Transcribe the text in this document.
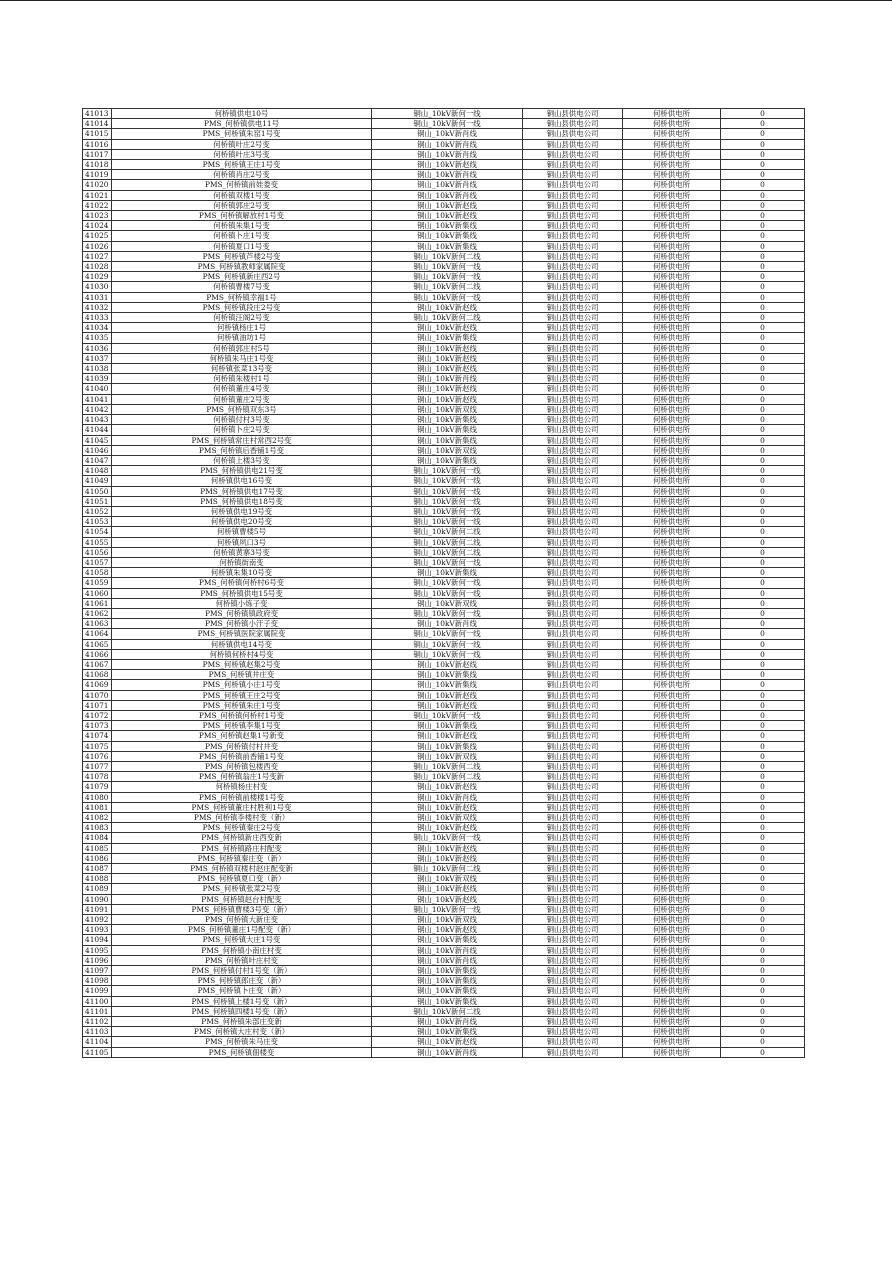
41013	何桥镇供电10号	铜山_10kV新何一线	铜山县供电公司	何桥供电所	0
41014	PMS_何桥镇供电11号	铜山_10kV新何一线	铜山县供电公司	何桥供电所	0
41015	PMS_何桥镇朱窑1号变	铜山_10kV新肖线	铜山县供电公司	何桥供电所	0
41016	何桥镇叶庄2号变	铜山_10kV新肖线	铜山县供电公司	何桥供电所	0
41017	何桥镇叶庄3号变	铜山_10kV新肖线	铜山县供电公司	何桥供电所	0
41018	PMS_何桥镇王庄1号变	铜山_10kV新赵线	铜山县供电公司	何桥供电所	0
41019	何桥镇肖庄2号变	铜山_10kV新肖线	铜山县供电公司	何桥供电所	0
41020	PMS_何桥镇前娃娄变	铜山_10kV新肖线	铜山县供电公司	何桥供电所	0
41021	何桥镇双楼1号变	铜山_10kV新肖线	铜山县供电公司	何桥供电所	0
41022	何桥镇郭庄2号变	铜山_10kV新赵线	铜山县供电公司	何桥供电所	0
41023	PMS_何桥镇解放村1号变	铜山_10kV新赵线	铜山县供电公司	何桥供电所	0
41024	何桥镇朱集1号变	铜山_10kV新集线	铜山县供电公司	何桥供电所	0
41025	何桥镇卜庄1号变	铜山_10kV新集线	铜山县供电公司	何桥供电所	0
41026	何桥镇夏口1号变	铜山_10kV新集线	铜山县供电公司	何桥供电所	0
41027	PMS_何桥镇芦楼2号变	铜山_10kV新何二线	铜山县供电公司	何桥供电所	0
41028	PMS_何桥镇教师家属院变	铜山_10kV新何一线	铜山县供电公司	何桥供电所	0
41029	PMS_何桥镇新庄西2号	铜山_10kV新何一线	铜山县供电公司	何桥供电所	0
41030	何桥镇曹楼7号变	铜山_10kV新何二线	铜山县供电公司	何桥供电所	0
41031	PMS_何桥镇幸福1号	铜山_10kV新何一线	铜山县供电公司	何桥供电所	0
41032	PMS_何桥镇段庄2号变	铜山_10kV新赵线	铜山县供电公司	何桥供电所	0
41033	何桥镇汪阁2号变	铜山_10kV新何二线	铜山县供电公司	何桥供电所	0
41034	何桥镇杨庄1号	铜山_10kV新赵线	铜山县供电公司	何桥供电所	0
41035	何桥镇油坊1号	铜山_10kV新集线	铜山县供电公司	何桥供电所	0
41036	何桥镇郭庄村5号	铜山_10kV新赵线	铜山县供电公司	何桥供电所	0
41037	何桥镇朱马庄1号变	铜山_10kV新赵线	铜山县供电公司	何桥供电所	0
41038	何桥镇张菜13号变	铜山_10kV新赵线	铜山县供电公司	何桥供电所	0
41039	何桥镇朱楼村1号	铜山_10kV新肖线	铜山县供电公司	何桥供电所	0
41040	何桥镇董庄4号变	铜山_10kV新赵线	铜山县供电公司	何桥供电所	0
41041	何桥镇董庄2号变	铜山_10kV新赵线	铜山县供电公司	何桥供电所	0
41042	PMS_何桥镇双东3号	铜山_10kV新双线	铜山县供电公司	何桥供电所	0
41043	何桥镇付村3号变	铜山_10kV新集线	铜山县供电公司	何桥供电所	0
41044	何桥镇卜庄2号变	铜山_10kV新集线	铜山县供电公司	何桥供电所	0
41045	PMS_何桥镇常庄村常西2号变	铜山_10kV新集线	铜山县供电公司	何桥供电所	0
41046	PMS_何桥镇后香铺1号变	铜山_10kV新双线	铜山县供电公司	何桥供电所	0
41047	何桥镇上楼3号变	铜山_10kV新集线	铜山县供电公司	何桥供电所	0
41048	PMS_何桥镇供电21号变	铜山_10kV新何一线	铜山县供电公司	何桥供电所	0
41049	何桥镇供电16号变	铜山_10kV新何一线	铜山县供电公司	何桥供电所	0
41050	PMS_何桥镇供电17号变	铜山_10kV新何一线	铜山县供电公司	何桥供电所	0
41051	PMS_何桥镇供电18号变	铜山_10kV新何一线	铜山县供电公司	何桥供电所	0
41052	何桥镇供电19号变	铜山_10kV新何一线	铜山县供电公司	何桥供电所	0
41053	何桥镇供电20号变	铜山_10kV新何一线	铜山县供电公司	何桥供电所	0
41054	何桥镇曹楼5号	铜山_10kV新何二线	铜山县供电公司	何桥供电所	0
41055	何桥镇夙口3号	铜山_10kV新何二线	铜山县供电公司	何桥供电所	0
41056	何桥镇黄寨3号变	铜山_10kV新何二线	铜山县供电公司	何桥供电所	0
41057	何桥镇街南变	铜山_10kV新何一线	铜山县供电公司	何桥供电所	0
41058	何桥镇朱集10号变	铜山_10kV新集线	铜山县供电公司	何桥供电所	0
41059	PMS_何桥镇何桥村6号变	铜山_10kV新何一线	铜山县供电公司	何桥供电所	0
41060	PMS_何桥镇供电15号变	铜山_10kV新何一线	铜山县供电公司	何桥供电所	0
41061	何桥镇小炼子变	铜山_10kV新双线	铜山县供电公司	何桥供电所	0
41062	PMS_何桥镇镇政府变	铜山_10kV新何一线	铜山县供电公司	何桥供电所	0
41063	PMS_何桥镇小汗子变	铜山_10kV新肖线	铜山县供电公司	何桥供电所	0
41064	PMS_何桥镇医院家属院变	铜山_10kV新何一线	铜山县供电公司	何桥供电所	0
41065	何桥镇供电14号变	铜山_10kV新何一线	铜山县供电公司	何桥供电所	0
41066	何桥镇何桥村4号变	铜山_10kV新何一线	铜山县供电公司	何桥供电所	0
41067	PMS_何桥镇赵集2号变	铜山_10kV新赵线	铜山县供电公司	何桥供电所	0
41068	PMS_何桥镇井庄变	铜山_10kV新集线	铜山县供电公司	何桥供电所	0
41069	PMS_何桥镇小庄1号变	铜山_10kV新集线	铜山县供电公司	何桥供电所	0
41070	PMS_何桥镇王庄2号变	铜山_10kV新赵线	铜山县供电公司	何桥供电所	0
41071	PMS_何桥镇朱庄1号变	铜山_10kV新赵线	铜山县供电公司	何桥供电所	0
41072	PMS_何桥镇何桥村1号变	铜山_10kV新何一线	铜山县供电公司	何桥供电所	0
41073	PMS_何桥镇李集1号变	铜山_10kV新集线	铜山县供电公司	何桥供电所	0
41074	PMS_何桥镇赵集1号新变	铜山_10kV新赵线	铜山县供电公司	何桥供电所	0
41075	PMS_何桥镇付村井变	铜山_10kV新集线	铜山县供电公司	何桥供电所	0
41076	PMS_何桥镇前香铺1号变	铜山_10kV新双线	铜山县供电公司	何桥供电所	0
41077	PMS_何桥镇包楼西变	铜山_10kV新何二线	铜山县供电公司	何桥供电所	0
41078	PMS_何桥镇翁庄1号变新	铜山_10kV新何二线	铜山县供电公司	何桥供电所	0
41079	何桥镇杨庄村变	铜山_10kV新赵线	铜山县供电公司	何桥供电所	0
41080	PMS_何桥镇前楼楼1号变	铜山_10kV新肖线	铜山县供电公司	何桥供电所	0
41081	PMS_何桥镇董庄村胜利1号变	铜山_10kV新赵线	铜山县供电公司	何桥供电所	0
41082	PMS_何桥镇李楼村变（新）	铜山_10kV新双线	铜山县供电公司	何桥供电所	0
41083	PMS_何桥镇秦庄2号变	铜山_10kV新赵线	铜山县供电公司	何桥供电所	0
41084	PMS_何桥镇新庄西变新	铜山_10kV新何一线	铜山县供电公司	何桥供电所	0
41085	PMS_何桥镇路庄村配变	铜山_10kV新赵线	铜山县供电公司	何桥供电所	0
41086	PMS_何桥镇秦庄变（新）	铜山_10kV新赵线	铜山县供电公司	何桥供电所	0
41087	PMS_何桥镇双楼村赵庄配变新	铜山_10kV新何二线	铜山县供电公司	何桥供电所	0
41088	PMS_何桥镇夏口变（新）	铜山_10kV新双线	铜山县供电公司	何桥供电所	0
41089	PMS_何桥镇张菜2号变	铜山_10kV新赵线	铜山县供电公司	何桥供电所	0
41090	PMS_何桥镇赵台村配变	铜山_10kV新赵线	铜山县供电公司	何桥供电所	0
41091	PMS_何桥镇曹楼3号变（新）	铜山_10kV新何一线	铜山县供电公司	何桥供电所	0
41092	PMS_何桥镇大新庄变	铜山_10kV新双线	铜山县供电公司	何桥供电所	0
41093	PMS_何桥镇董庄1号配变（新）	铜山_10kV新赵线	铜山县供电公司	何桥供电所	0
41094	PMS_何桥镇大庄1号变	铜山_10kV新集线	铜山县供电公司	何桥供电所	0
41095	PMS_何桥镇小南庄村变	铜山_10kV新肖线	铜山县供电公司	何桥供电所	0
41096	PMS_何桥镇叶庄村变	铜山_10kV新肖线	铜山县供电公司	何桥供电所	0
41097	PMS_何桥镇付村1号变（新）	铜山_10kV新集线	铜山县供电公司	何桥供电所	0
41098	PMS_何桥镇郎庄变（新）	铜山_10kV新集线	铜山县供电公司	何桥供电所	0
41099	PMS_何桥镇卜庄变（新）	铜山_10kV新集线	铜山县供电公司	何桥供电所	0
41100	PMS_何桥镇上楼1号变（新）	铜山_10kV新集线	铜山县供电公司	何桥供电所	0
41101	PMS_何桥镇四楼1号变（新）	铜山_10kV新何二线	铜山县供电公司	何桥供电所	0
41102	PMS_何桥镇朱部庄变新	铜山_10kV新肖线	铜山县供电公司	何桥供电所	0
41103	PMS_何桥镇大庄村变（新）	铜山_10kV新集线	铜山县供电公司	何桥供电所	0
41104	PMS_何桥镇朱马庄变	铜山_10kV新赵线	铜山县供电公司	何桥供电所	0
41105	PMS_何桥镇佃楼变	铜山_10kV新肖线	铜山县供电公司	何桥供电所	0
